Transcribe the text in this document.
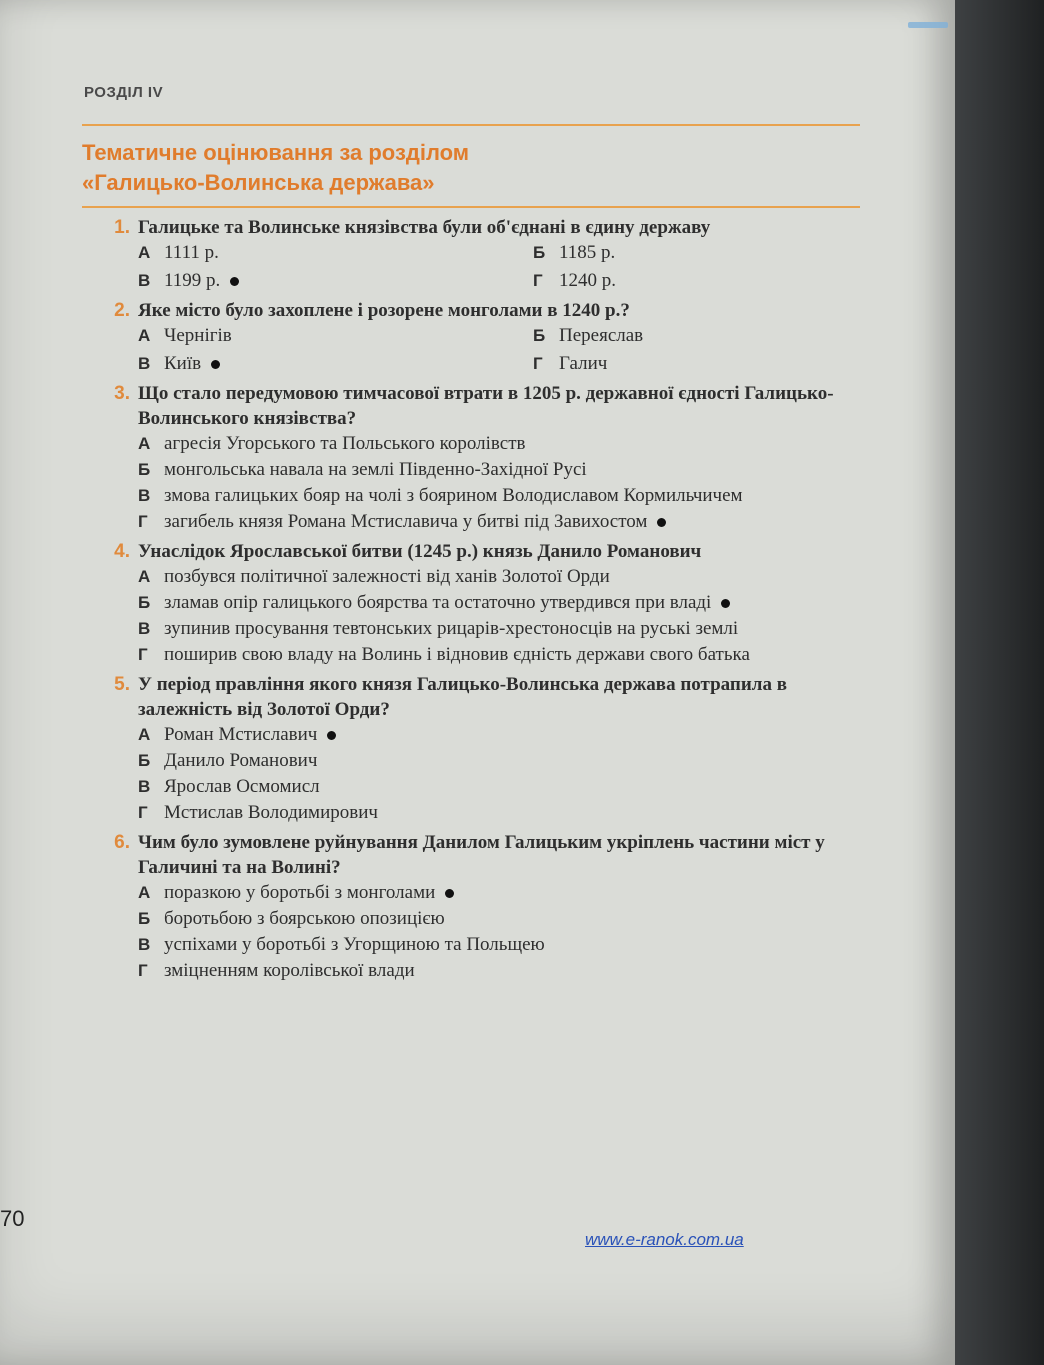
РОЗДІЛ IV
Тематичне оцінювання за розділом
«Галицько-Волинська держава»
1. Галицьке та Волинське князівства були об'єднані в єдину державу
А 1111 р.	Б 1185 р.
В 1199 р.	Г 1240 р.
2. Яке місто було захоплене і розорене монголами в 1240 р.?
А Чернігів	Б Переяслав
В Київ	Г Галич
3. Що стало передумовою тимчасової втрати в 1205 р. державної єдності Галицько-Волинського князівства?
А агресія Угорського та Польського королівств
Б монгольська навала на землі Південно-Західної Русі
В змова галицьких бояр на чолі з боярином Володиславом Кормильчичем
Г загибель князя Романа Мстиславича у битві під Завихостом
4. Унаслідок Ярославської битви (1245 р.) князь Данило Романович
А позбувся політичної залежності від ханів Золотої Орди
Б зламав опір галицького боярства та остаточно утвердився при владі
В зупинив просування тевтонських рицарів-хрестоносців на руські землі
Г поширив свою владу на Волинь і відновив єдність держави свого батька
5. У період правління якого князя Галицько-Волинська держава потрапила в залежність від Золотої Орди?
А Роман Мстиславич
Б Данило Романович
В Ярослав Осмомисл
Г Мстислав Володимирович
6. Чим було зумовлене руйнування Данилом Галицьким укріплень частини міст у Галичині та на Волині?
А поразкою у боротьбі з монголами
Б боротьбою з боярською опозицією
В успіхами у боротьбі з Угорщиною та Польщею
Г зміцненням королівської влади
70
www.e-ranok.com.ua
